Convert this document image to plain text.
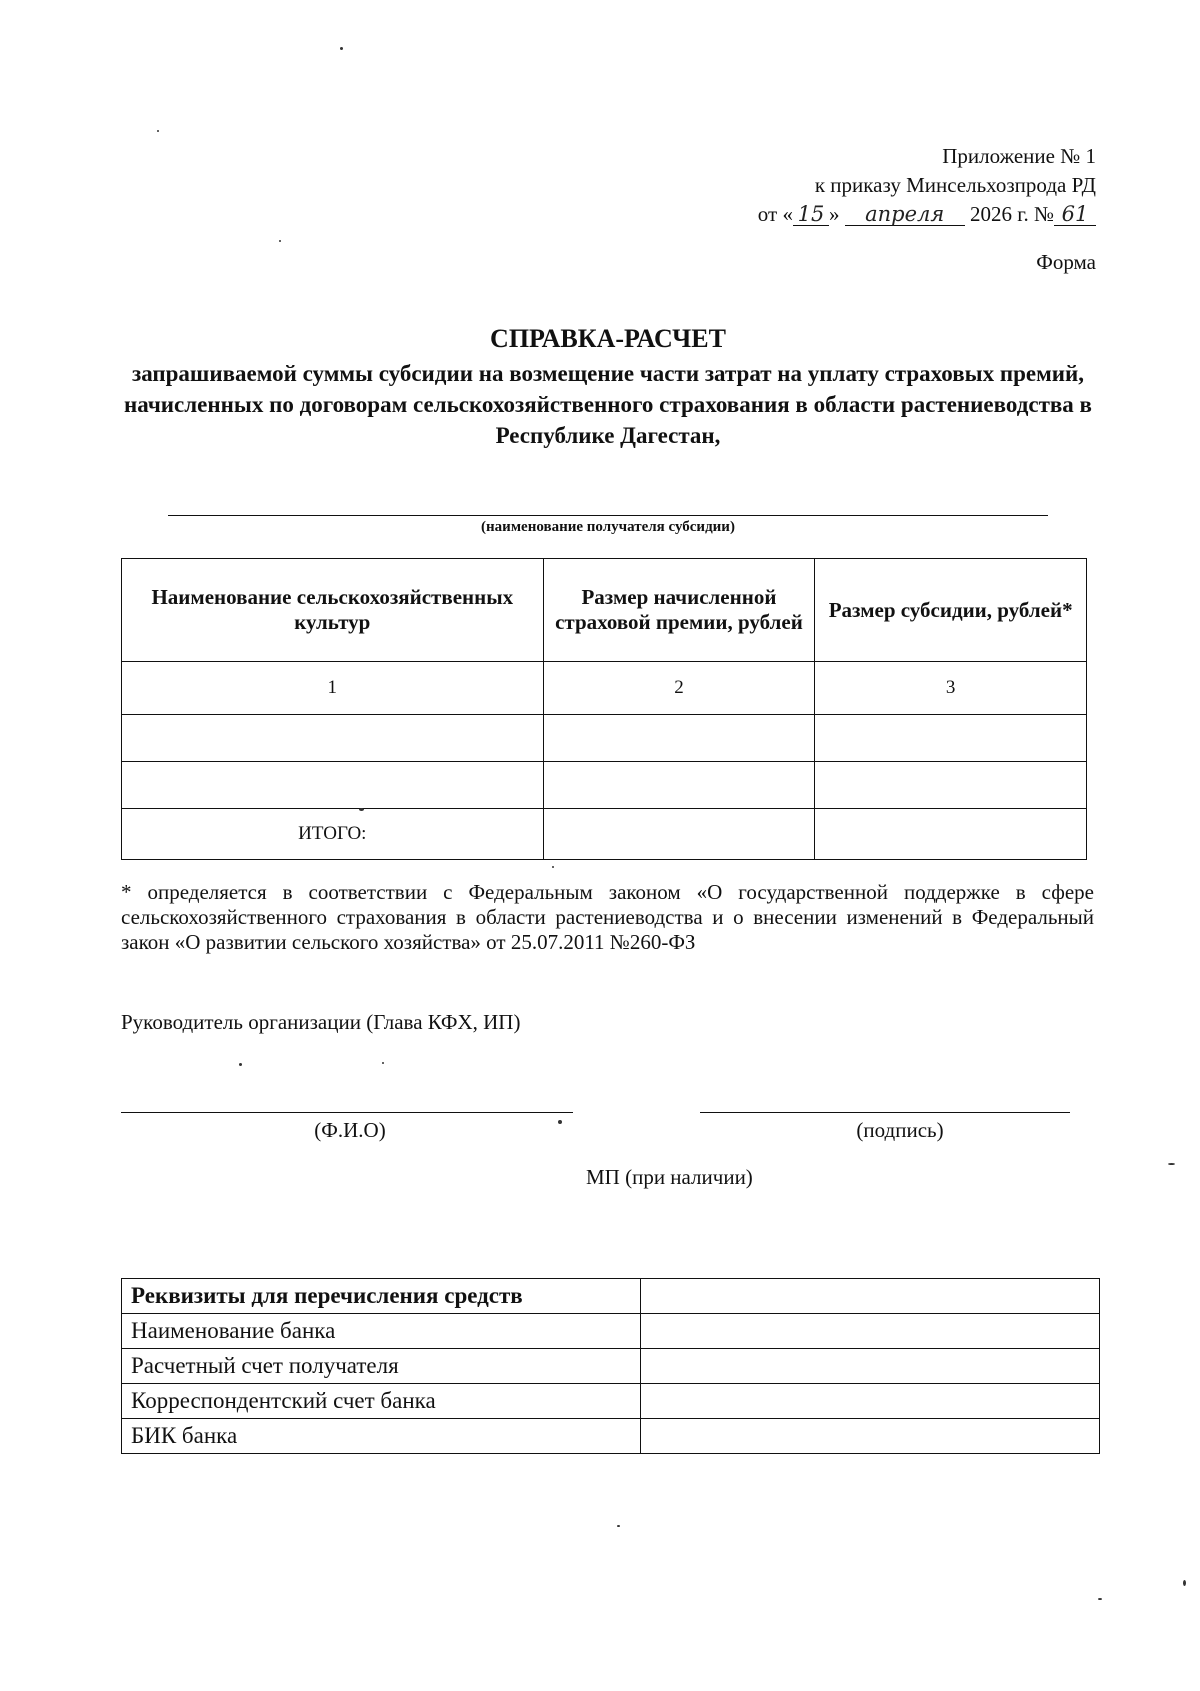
Приложение № 1
к приказу Минсельхозпрода РД
от « 15 » апреля 2026 г. № 61
Форма
СПРАВКА-РАСЧЕТ

запрашиваемой суммы субсидии на возмещение части затрат на уплату страховых премий, начисленных по договорам сельскохозяйственного страхования в области растениеводства в Республике Дагестан,

(наименование получателя субсидии)
Наименование сельскохозяйственных культур	Размер начисленной страховой премии, рублей	Размер субсидии, рублей*
1	2	3

ИТОГО:		
* определяется в соответствии с Федеральным законом «О государственной поддержке в сфере сельскохозяйственного страхования в области растениеводства и о внесении изменений в Федеральный закон «О развитии сельского хозяйства» от 25.07.2011 №260-ФЗ
Руководитель организации (Глава КФХ, ИП)
(Ф.И.О)	(подпись)
МП (при наличии)
Реквизиты для перечисления средств	
Наименование банка	
Расчетный счет получателя	
Корреспондентский счет банка	
БИК банка	
